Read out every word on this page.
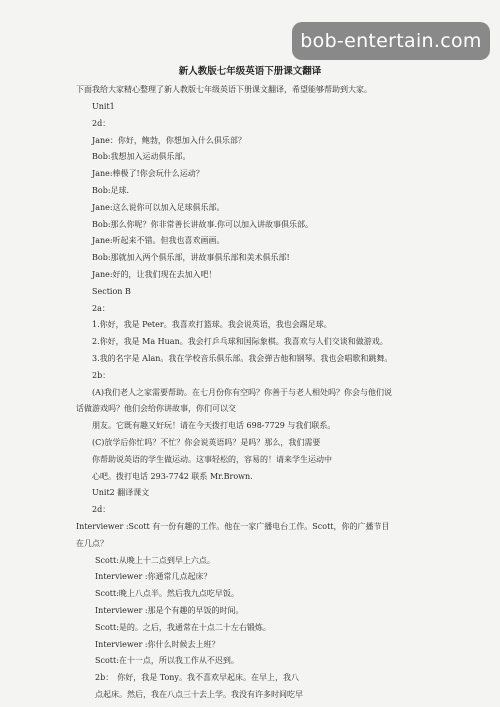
bob-entertain.com
新人教版七年级英语下册课文翻译
下面我给大家精心整理了新人教版七年级英语下册课文翻译，希望能够帮助到大家。
Unit1
2d：
Jane：你好，鲍勃，你想加入什么俱乐部？
Bob:我想加入运动俱乐部。
Jane:棒极了!你会玩什么运动？
Bob:足球.
Jane:这么说你可以加入足球俱乐部。
Bob:那么你呢？你非常善长讲故事.你可以加入讲故事俱乐部。
Jane:听起来不错。但我也喜欢画画。
Bob:那就加入两个俱乐部，讲故事俱乐部和美术俱乐部!
Jane:好的，让我们现在去加入吧！
Section B
2a：
1.你好，我是 Peter。我喜欢打篮球。我会说英语，我也会踢足球。
2.你好，我是 Ma Huan。我会打乒乓球和国际象棋。我喜欢与人们交谈和做游戏。
3.我的名字是 Alan。我在学校音乐俱乐部。我会弹吉他和钢琴。我也会唱歌和跳舞。
2b：
(A)我们老人之家需要帮助。在七月份你有空吗？你善于与老人相处吗？你会与他们说
话做游戏吗？他们会给你讲故事，你们可以交
朋友。它既有趣又好玩！请在今天拨打电话 698-7729 与我们联系。
(C)放学后你忙吗？不忙？你会说英语吗？是吗？那么，我们需要
你帮助说英语的学生做运动。这事轻松的，容易的！请来学生运动中
心吧。拨打电话 293-7742 联系 Mr.Brown.
Unit2 翻译课文
2d：
Interviewer :Scott 有一份有趣的工作。他在一家广播电台工作。Scott，你的广播节目
在几点？
Scott:从晚上十二点到早上六点。
Interviewer :你通常几点起床？
Scott:晚上八点半。然后我九点吃早饭。
Interviewer :那是个有趣的早饭的时间。
Scott:是的。之后，我通常在十点二十左右锻炼。
Interviewer :你什么时候去上班？
Scott:在十一点，所以我工作从不迟到。
2b：　你好，我是 Tony。我不喜欢早起床。在早上，我八
点起床。然后，我在八点三十去上学。我没有许多时间吃早
